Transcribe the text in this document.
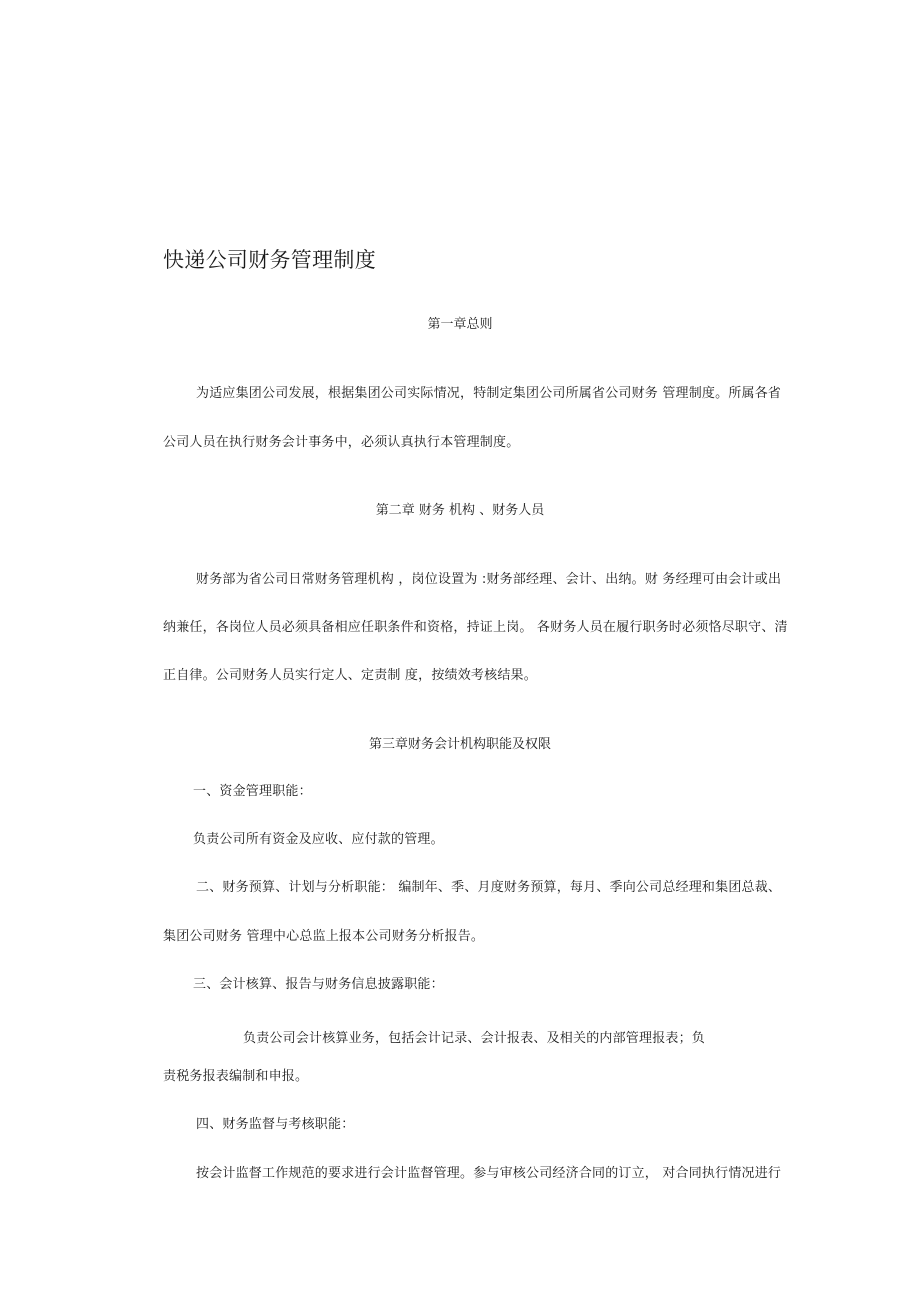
快递公司财务管理制度
第一章总则
为适应集团公司发展，根据集团公司实际情况，特制定集团公司所属省公司财务 管理制度。所属各省
公司人员在执行财务会计事务中，必须认真执行本管理制度。
第二章 财务 机构 、财务人员
财务部为省公司日常财务管理机构 ，岗位设置为 :财务部经理、会计、出纳。财 务经理可由会计或出
纳兼任，各岗位人员必须具备相应任职条件和资格，持证上岗。 各财务人员在履行职务时必须恪尽职守、清
正自律。公司财务人员实行定人、定责制 度，按绩效考核结果。
第三章财务会计机构职能及权限
一、资金管理职能：
负责公司所有资金及应收、应付款的管理。
二、财务预算、计划与分析职能： 编制年、季、月度财务预算，每月、季向公司总经理和集团总裁、
集团公司财务 管理中心总监上报本公司财务分析报告。
三、会计核算、报告与财务信息披露职能：
负责公司会计核算业务，包括会计记录、会计报表、及相关的内部管理报表；负
责税务报表编制和申报。
四、财务监督与考核职能：
按会计监督工作规范的要求进行会计监督管理。参与审核公司经济合同的订立， 对合同执行情况进行
